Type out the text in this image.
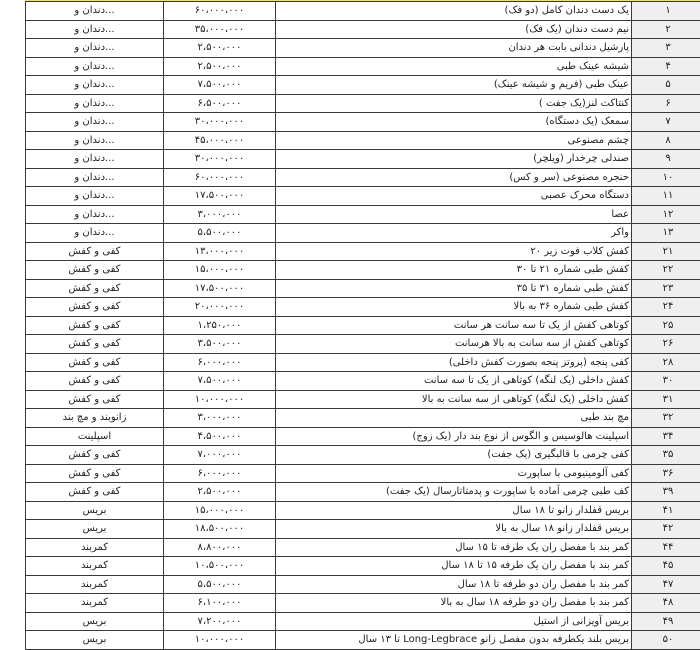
دندان و...	۶۰،۰۰۰،۰۰۰	یک دست دندان کامل (دو فک)	۱
دندان و...	۳۵،۰۰۰،۰۰۰	نیم دست دندان (یک فک)	۲
دندان و...	۲،۵۰۰،۰۰۰	پارشیل دندانی بابت هر دندان	۳
دندان و...	۲،۵۰۰،۰۰۰	شیشه عینک طبی	۴
دندان و...	۷،۵۰۰،۰۰۰	عینک طبی (فریم و شیشه عینک)	۵
دندان و...	۶،۵۰۰،۰۰۰	کنتاکت لنز(یک جفت )	۶
دندان و...	۳۰،۰۰۰،۰۰۰	سمعک (یک دستگاه)	۷
دندان و...	۴۵،۰۰۰،۰۰۰	چشم مصنوعی	۸
دندان و...	۳۰،۰۰۰،۰۰۰	صندلی چرخدار (ویلچر)	۹
دندان و...	۶۰،۰۰۰،۰۰۰	حنجره مصنوعی (سر و کس)	۱۰
دندان و...	۱۷،۵۰۰،۰۰۰	دستگاه محرک عصبی	۱۱
دندان و...	۳،۰۰۰،۰۰۰	عصا	۱۲
دندان و...	۵،۵۰۰،۰۰۰	واکر	۱۳
کفی و کفش	۱۳،۰۰۰،۰۰۰	کفش کلاب فوت زیر ۲۰	۲۱
کفی و کفش	۱۵،۰۰۰،۰۰۰	کفش طبی شماره ۲۱ تا ۳۰	۲۲
کفی و کفش	۱۷،۵۰۰،۰۰۰	کفش طبی شماره ۳۱ تا ۳۵	۲۳
کفی و کفش	۲۰،۰۰۰،۰۰۰	کفش طبی شماره ۳۶ به بالا	۲۴
کفی و کفش	۱،۲۵۰،۰۰۰	کوتاهی کفش از یک تا سه سانت هر سانت	۲۵
کفی و کفش	۳،۵۰۰،۰۰۰	کوتاهی کفش از سه سانت به بالا هرسانت	۲۶
کفی و کفش	۶،۰۰۰،۰۰۰	کفی پنجه (پروتز پنجه بصورت کفش داخلی)	۲۸
کفی و کفش	۷،۵۰۰،۰۰۰	کفش داخلی (یک لنگه) کوتاهی از یک تا سه سانت	۳۰
کفی و کفش	۱۰،۰۰۰،۰۰۰	کفش داخلی (یک لنگه) کوتاهی از سه سانت به بالا	۳۱
زانوبند و مچ بند	۳،۰۰۰،۰۰۰	مچ بند طبی	۳۲
اسپلینت	۴،۵۰۰،۰۰۰	اسپلینت هالوسیس و الگوس از نوع بند دار (یک زوج)	۳۴
کفی و کفش	۷،۰۰۰،۰۰۰	کفی چرمی با قالبگیری (یک جفت)	۳۵
کفی و کفش	۶،۰۰۰،۰۰۰	کفی آلومینیومی با ساپورت	۳۶
کفی و کفش	۲،۵۰۰،۰۰۰	کف طبی چرمی آماده با ساپورت و پدمتاتارسال (یک جفت)	۳۹
بریس	۱۵،۰۰۰،۰۰۰	بریس قفلدار زانو تا ۱۸ سال	۴۱
بریس	۱۸،۵۰۰،۰۰۰	بریس قفلدار زانو ۱۸ سال به بالا	۴۲
کمربند	۸،۸۰۰،۰۰۰	کمر بند با مفصل ران یک طرفه تا ۱۵ سال	۴۴
کمربند	۱۰،۵۰۰،۰۰۰	کمر بند با مفصل ران یک طرفه ۱۵ تا ۱۸ سال	۴۵
کمربند	۵،۵۰۰،۰۰۰	کمر بند با مفصل ران دو طرفه تا ۱۸ سال	۴۷
کمربند	۶،۱۰۰،۰۰۰	کمر بند با مفصل ران دو طرفه ۱۸ سال به بالا	۴۸
بریس	۷،۲۰۰،۰۰۰	بریس آویزانی از استیل	۴۹
بریس	۱۰،۰۰۰،۰۰۰	بریس بلند یکطرفه بدون مفصل زانو Long-Legbrace تا ۱۳ سال	۵۰
